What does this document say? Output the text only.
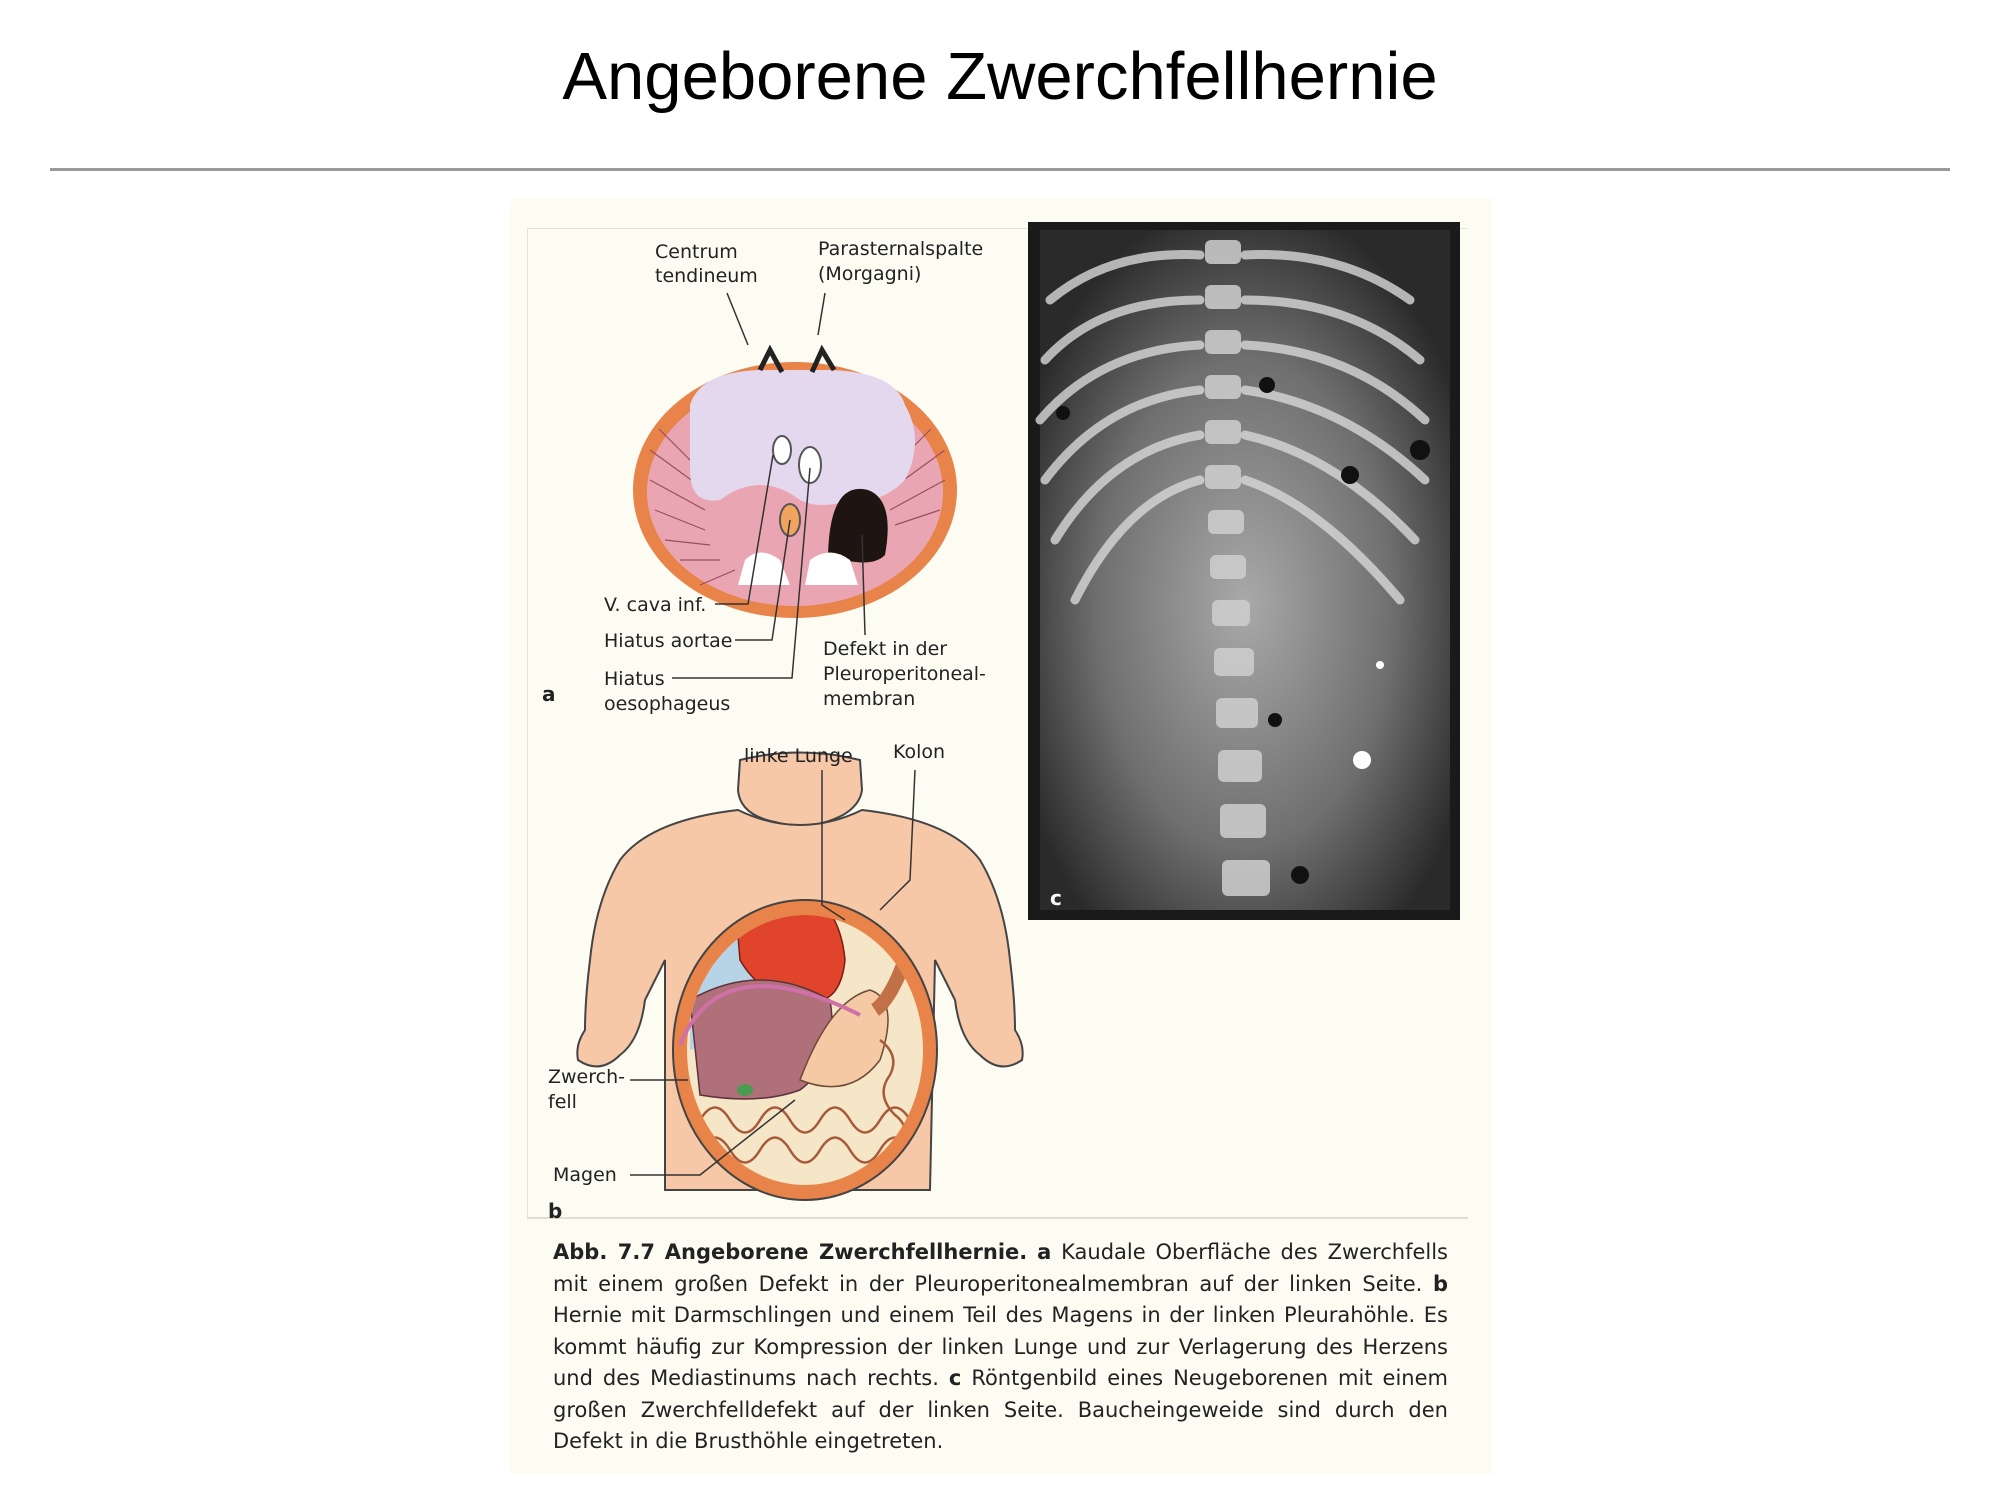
Angeborene Zwerchfellhernie
Centrum
tendineum
Parasternalspalte
(Morgagni)
V. cava inf.
Hiatus aortae
Hiatus
oesophageus
Defekt in der
Pleuroperitoneal-
membran
a
linke Lunge Kolon
Zwerch-
fell
Magen
b
c
Abb. 7.7 Angeborene Zwerchfellhernie. a Kaudale Oberfläche des Zwerchfells mit einem großen Defekt in der Pleuroperitonealmembran auf der linken Seite. b Hernie mit Darmschlingen und einem Teil des Magens in der linken Pleurahöhle. Es kommt häufig zur Kompression der linken Lunge und zur Verlagerung des Herzens und des Mediastinums nach rechts. c Röntgenbild eines Neugeborenen mit einem großen Zwerchfelldefekt auf der linken Seite. Baucheingeweide sind durch den Defekt in die Brusthöhle eingetreten.
